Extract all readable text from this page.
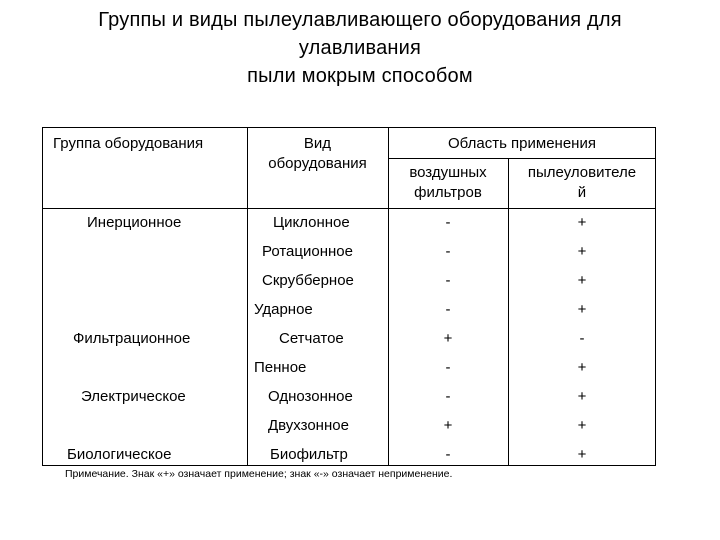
Группы и виды пылеулавливающего оборудования для
улавливания
пыли мокрым способом
Группа оборудования	Вид
оборудования
Область применения
воздушных
фильтров
пылеуловителе
й
Инерционное
Фильтрационное
Электрическое
Биологическое
Циклонное
Ротационное
Скрубберное
Ударное
Сетчатое
Пенное
Однозонное
Двухзонное
Биофильтр
-
-
-
-
+
-
-
+
-
+
+
+
+
-
+
+
+
+
Примечание. Знак «+» означает применение; знак «-» означает неприменение.
